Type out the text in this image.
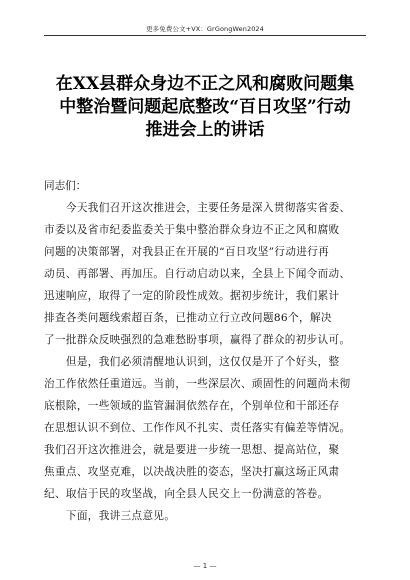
更多免费公文+VX：GrGongWen2024
在XX县群众身边不正之风和腐败问题集
中整治暨问题起底整改“百日攻坚”行动
推进会上的讲话
同志们：
　　今天我们召开这次推进会，主要任务是深入贯彻落实省委、
市委以及省市纪委监委关于集中整治群众身边不正之风和腐败
问题的决策部署，对我县正在开展的“百日攻坚”行动进行再
动员、再部署、再加压。自行动启动以来，全县上下闻令而动、
迅速响应，取得了一定的阶段性成效。据初步统计，我们累计
排查各类问题线索超百条，已推动立行立改问题86个，解决
了一批群众反映强烈的急难愁盼事项，赢得了群众的初步认可。
　　但是，我们必须清醒地认识到，这仅仅是开了个好头，整
治工作依然任重道远。当前，一些深层次、顽固性的问题尚未彻
底根除，一些领域的监管漏洞依然存在，个别单位和干部还存
在思想认识不到位、工作作风不扎实、责任落实有偏差等情况。
我们召开这次推进会，就是要进一步统一思想、提高站位，聚
焦重点、攻坚克难，以决战决胜的姿态，坚决打赢这场正风肃
纪、取信于民的攻坚战，向全县人民交上一份满意的答卷。
　　下面，我讲三点意见。
— 1 —
